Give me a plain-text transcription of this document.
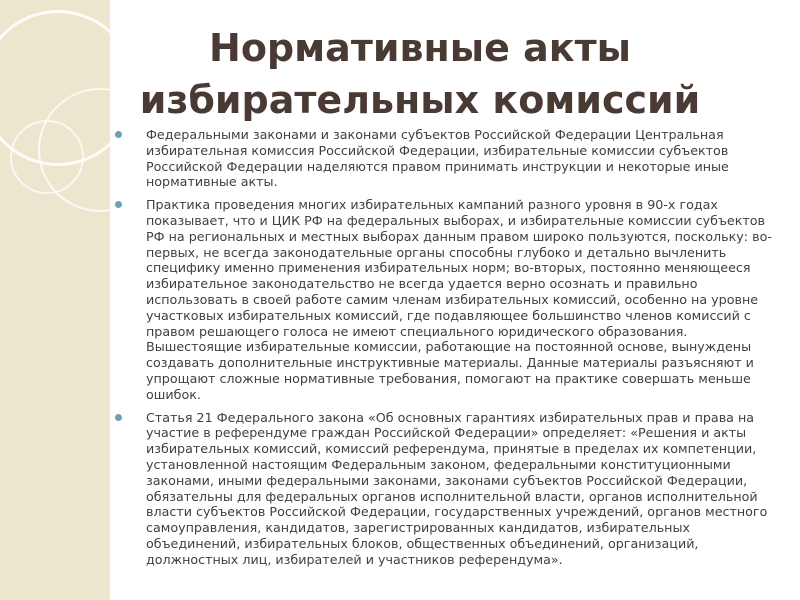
Нормативные акты избирательных комиссий
Федеральными законами и законами субъектов Российской Федерации Центральная избирательная комиссия Российской Федерации, избирательные комиссии субъектов Российской Федерации наделяются правом принимать инструкции и некоторые иные нормативные акты.
Практика проведения многих избирательных кампаний разного уровня в 90-х годах показывает, что и ЦИК РФ на федеральных выборах, и избирательные комиссии субъектов РФ на региональных и местных выборах данным правом широко пользуются, поскольку: во-первых, не всегда законодательные органы способны глубоко и детально вычленить специфику именно применения избирательных норм; во-вторых, постоянно меняющееся избирательное законодательство не всегда удается верно осознать и правильно использовать в своей работе самим членам избирательных комиссий, особенно на уровне участковых избирательных комиссий, где подавляющее большинство членов комиссий с правом решающего голоса не имеют специального юридического образования. Вышестоящие избирательные комиссии, работающие на постоянной основе, вынуждены создавать дополнительные инструктивные материалы. Данные материалы разъясняют и упрощают сложные нормативные требования, помогают на практике совершать меньше ошибок.
Статья 21 Федерального закона «Об основных гарантиях избирательных прав и права на участие в референдуме граждан Российской Федерации» определяет: «Решения и акты избирательных комиссий, комиссий референдума, принятые в пределах их компетенции, установленной настоящим Федеральным законом, федеральными конституционными законами, иными федеральными законами, законами субъектов Российской Федерации, обязательны для федеральных органов исполнительной власти, органов исполнительной власти субъектов Российской Федерации, государственных учреждений, органов местного самоуправления, кандидатов, зарегистрированных кандидатов, избирательных объединений, избирательных блоков, общественных объединений, организаций, должностных лиц, избирателей и участников референдума».
